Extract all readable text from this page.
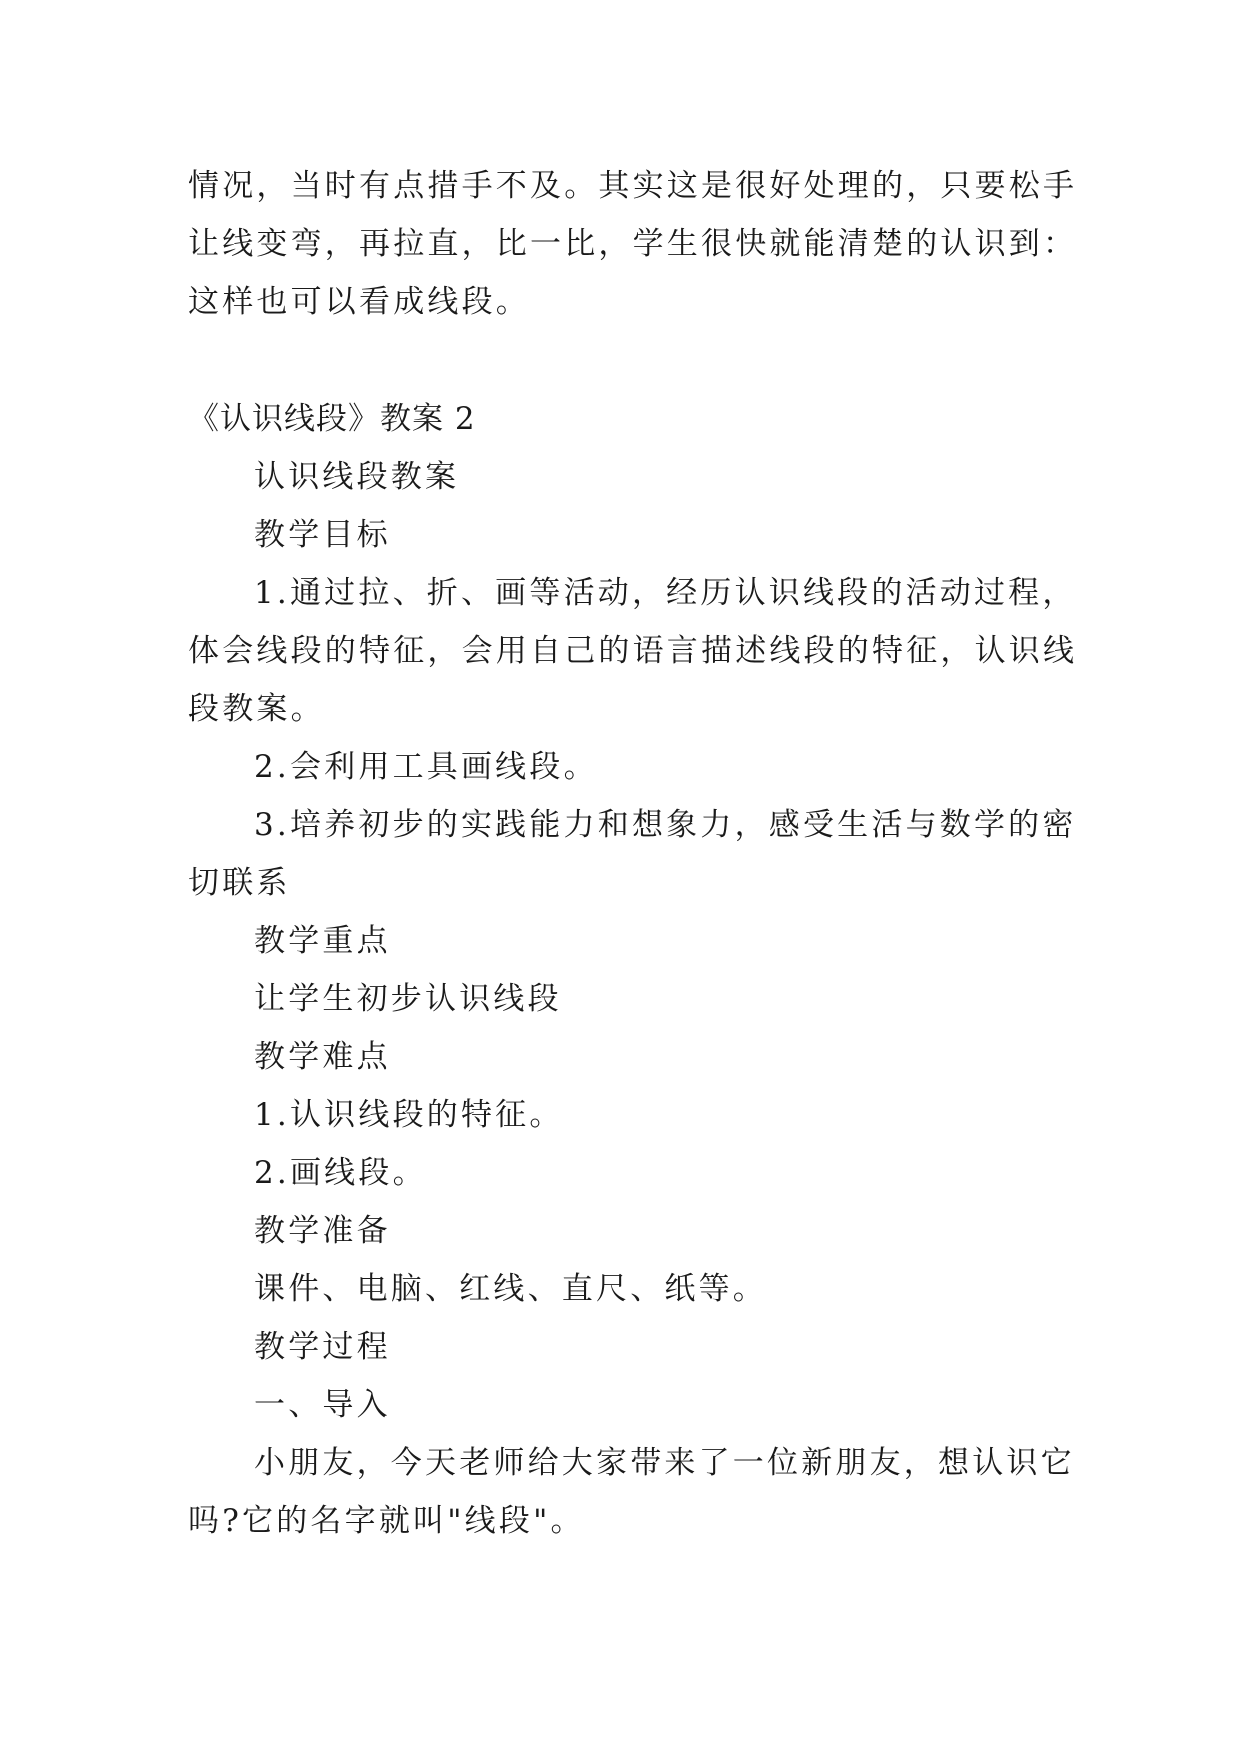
情况，当时有点措手不及。其实这是很好处理的，只要松手
让线变弯，再拉直，比一比，学生很快就能清楚的认识到：
这样也可以看成线段。
《认识线段》教案 2
认识线段教案
教学目标
1.通过拉、折、画等活动，经历认识线段的活动过程，
体会线段的特征，会用自己的语言描述线段的特征，认识线
段教案。
2.会利用工具画线段。
3.培养初步的实践能力和想象力，感受生活与数学的密
切联系
教学重点
让学生初步认识线段
教学难点
1.认识线段的特征。
2.画线段。
教学准备
课件、电脑、红线、直尺、纸等。
教学过程
一、导入
小朋友，今天老师给大家带来了一位新朋友，想认识它
吗?它的名字就叫"线段"。
